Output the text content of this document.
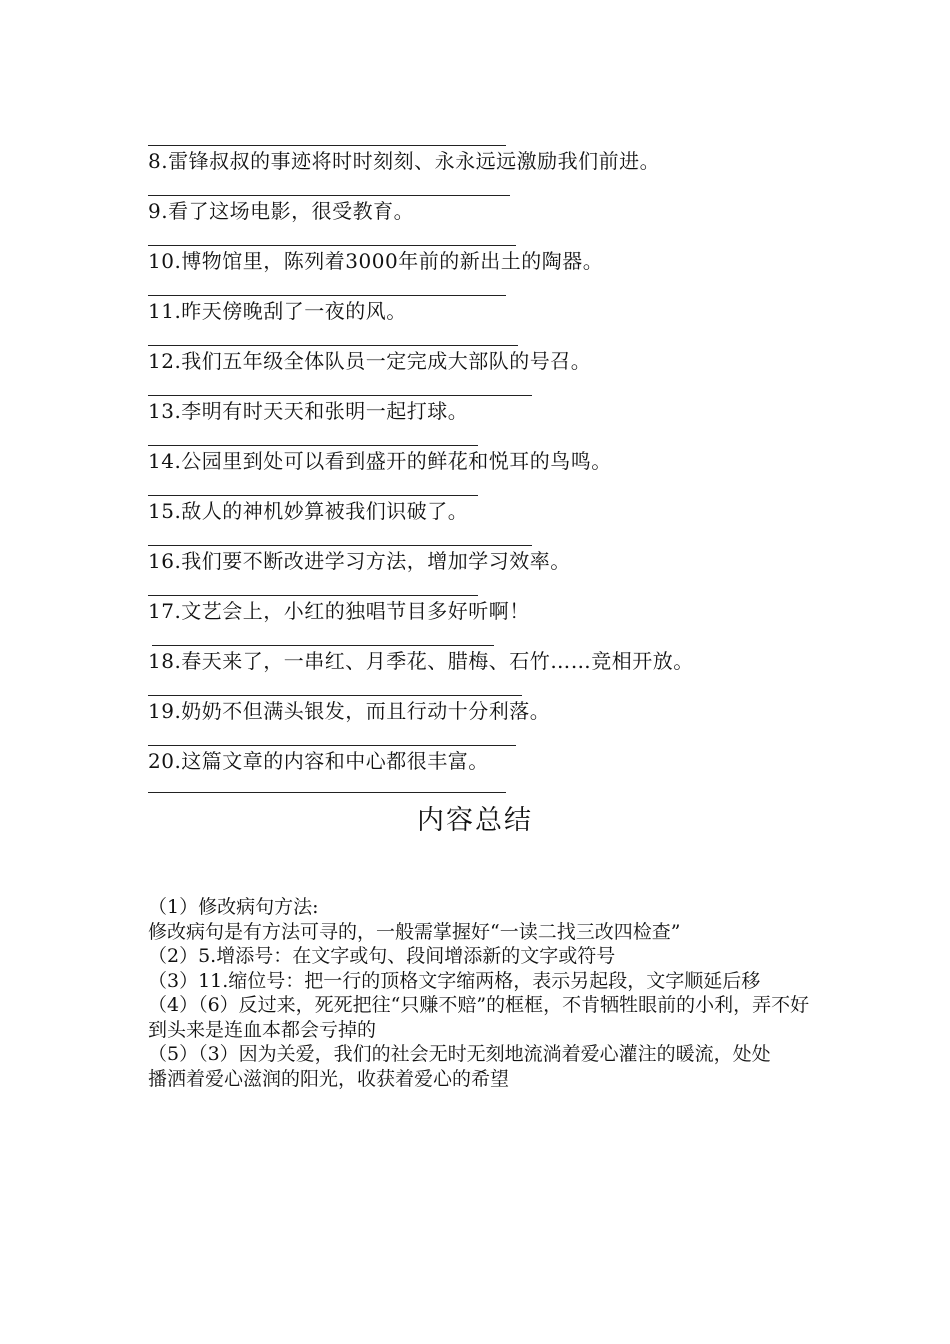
8.雷锋叔叔的事迹将时时刻刻、永永远远激励我们前进。
9.看了这场电影，很受教育。
10.博物馆里，陈列着3000年前的新出土的陶器。
11.昨天傍晚刮了一夜的风。
12.我们五年级全体队员一定完成大部队的号召。
13.李明有时天天和张明一起打球。
14.公园里到处可以看到盛开的鲜花和悦耳的鸟鸣。
15.敌人的神机妙算被我们识破了。
16.我们要不断改进学习方法，增加学习效率。
17.文艺会上，小红的独唱节目多好听啊！
18.春天来了，一串红、月季花、腊梅、石竹……竞相开放。
19.奶奶不但满头银发，而且行动十分利落。
20.这篇文章的内容和中心都很丰富。
内容总结

（1）修改病句方法:

修改病句是有方法可寻的，一般需掌握好“一读二找三改四检查”

（2）5.增添号：在文字或句、段间增添新的文字或符号

（3）11.缩位号：把一行的顶格文字缩两格，表示另起段，文字顺延后移

（4）（6）反过来，死死把往“只赚不赔”的框框，不肯牺牲眼前的小利，弄不好到头来是连血本都会亏掉的

（5）（3）因为关爱，我们的社会无时无刻地流淌着爱心灌注的暖流，处处播洒着爱心滋润的阳光，收获着爱心的希望
